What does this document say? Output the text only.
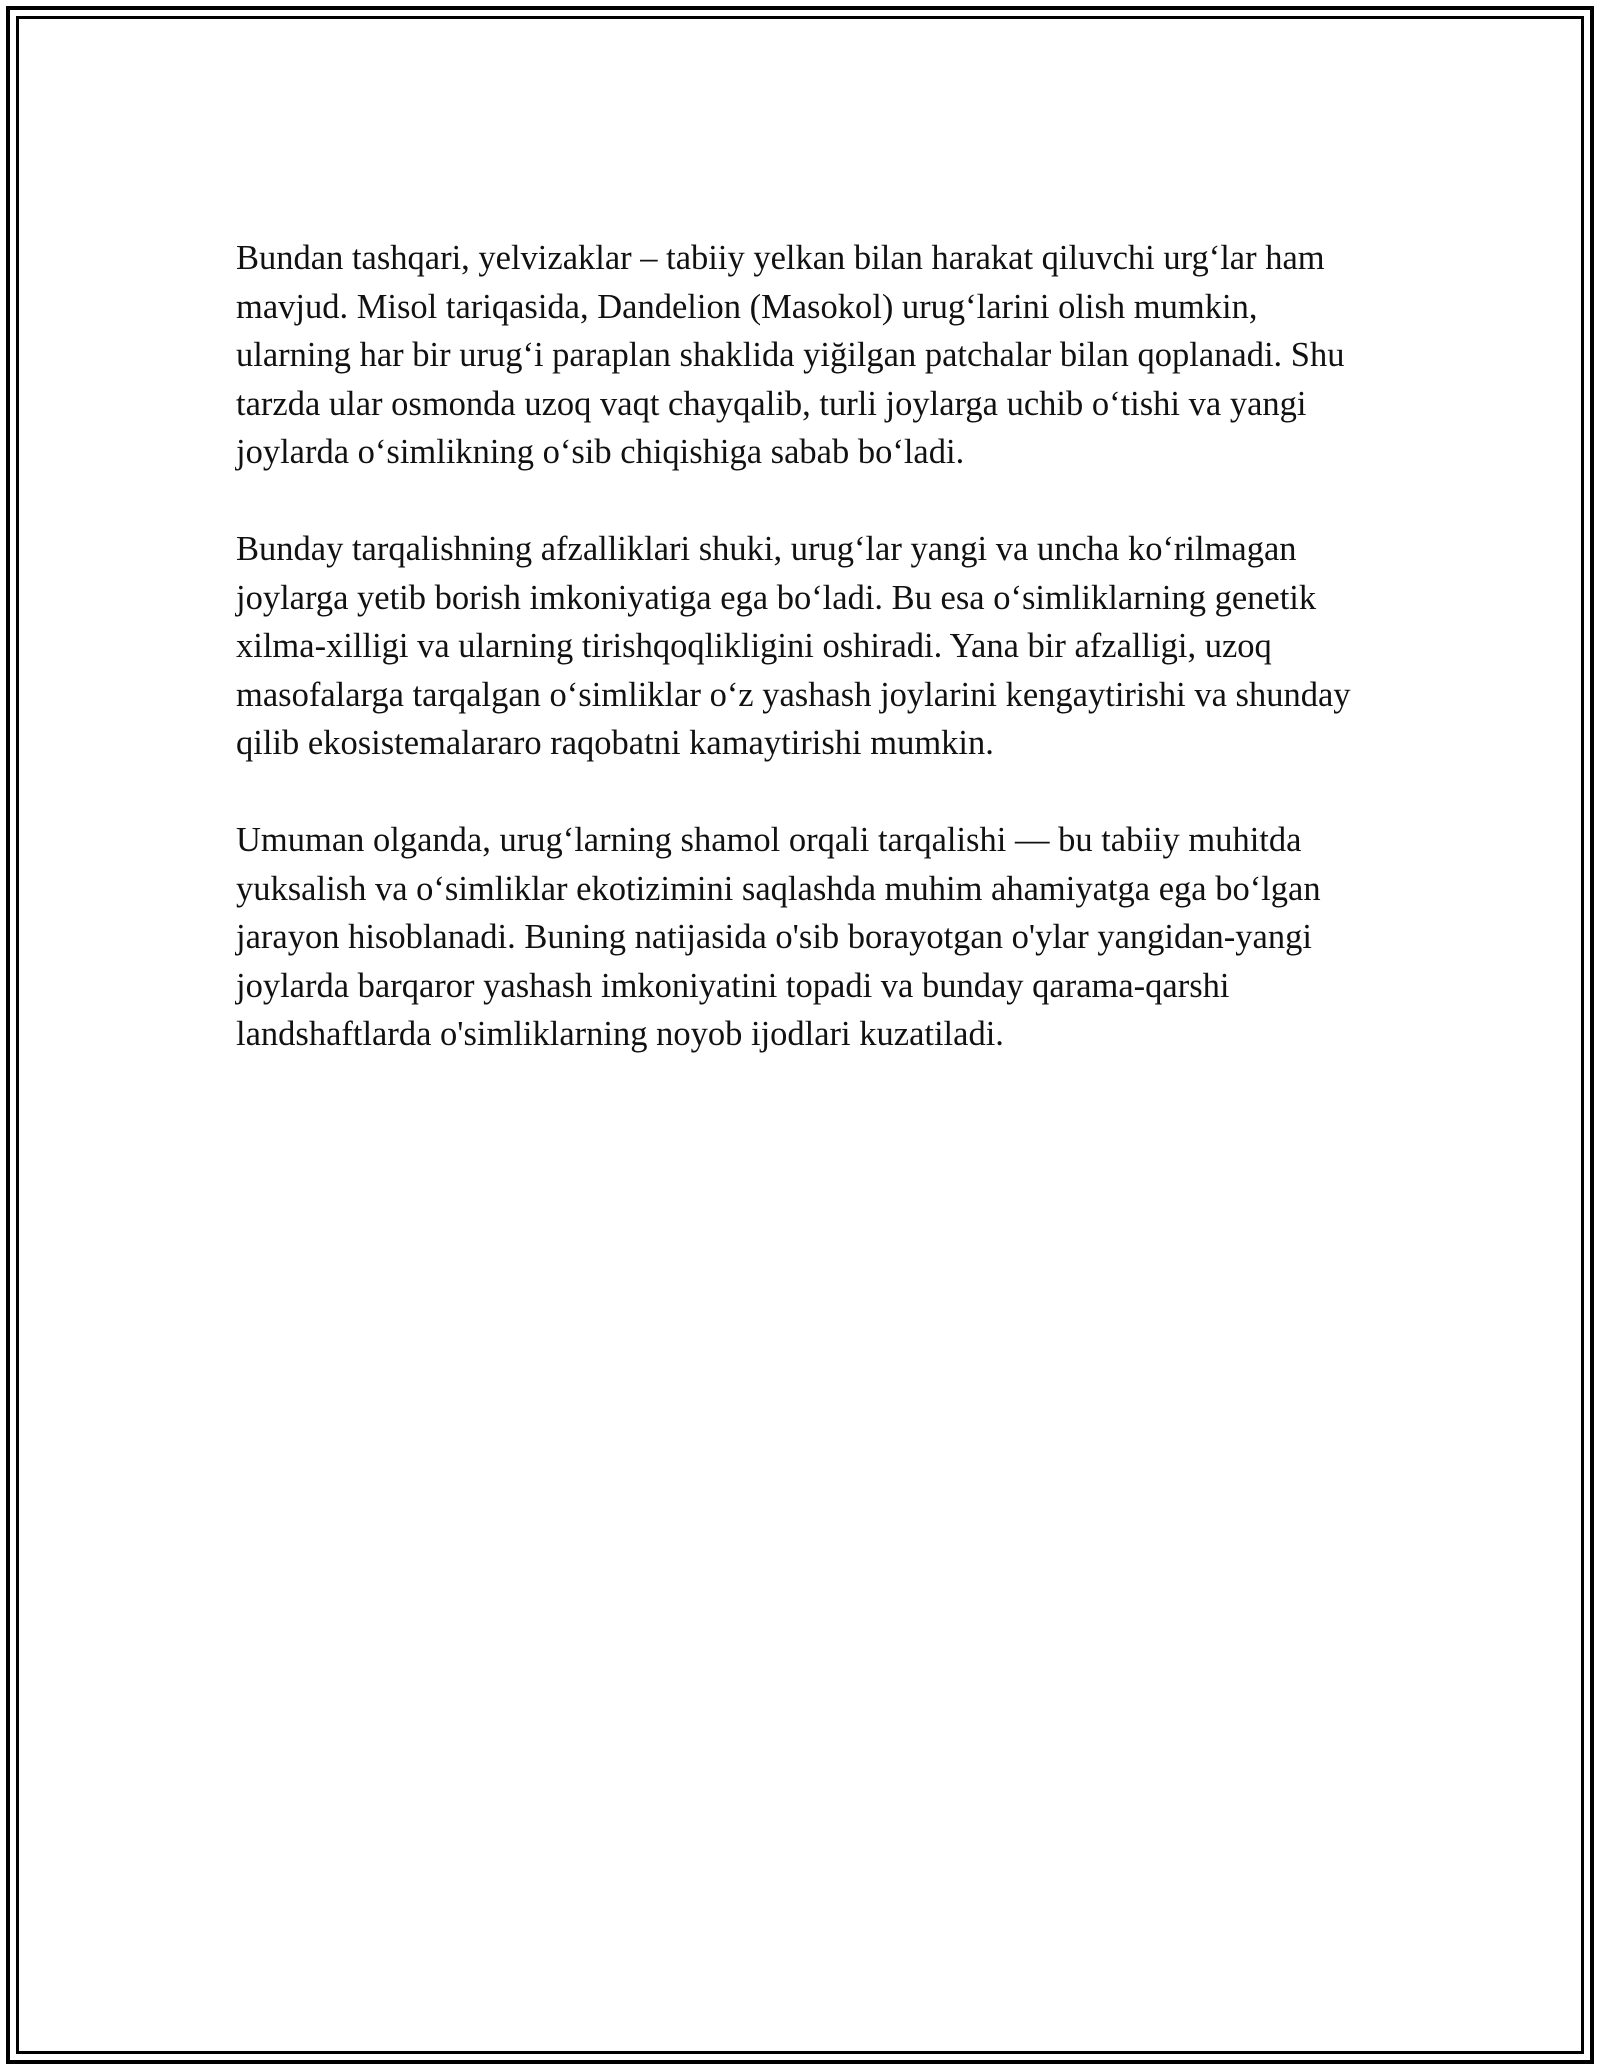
Bundan tashqari, yelvizaklar – tabiiy yelkan bilan harakat qiluvchi urg‘lar ham mavjud. Misol tariqasida, Dandelion (Masokol) urug‘larini olish mumkin, ularning har bir urug‘i paraplan shaklida yiğilgan patchalar bilan qoplanadi. Shu tarzda ular osmonda uzoq vaqt chayqalib, turli joylarga uchib o‘tishi va yangi joylarda o‘simlikning o‘sib chiqishiga sabab bo‘ladi.

Bunday tarqalishning afzalliklari shuki, urug‘lar yangi va uncha ko‘rilmagan joylarga yetib borish imkoniyatiga ega bo‘ladi. Bu esa o‘simliklarning genetik xilma-xilligi va ularning tirishqoqlikligini oshiradi. Yana bir afzalligi, uzoq masofalarga tarqalgan o‘simliklar o‘z yashash joylarini kengaytirishi va shunday qilib ekosistemalararo raqobatni kamaytirishi mumkin.

Umuman olganda, urug‘larning shamol orqali tarqalishi — bu tabiiy muhitda yuksalish va o‘simliklar ekotizimini saqlashda muhim ahamiyatga ega bo‘lgan jarayon hisoblanadi. Buning natijasida o'sib borayotgan o'ylar yangidan-yangi joylarda barqaror yashash imkoniyatini topadi va bunday qarama-qarshi landshaftlarda o'simliklarning noyob ijodlari kuzatiladi.
